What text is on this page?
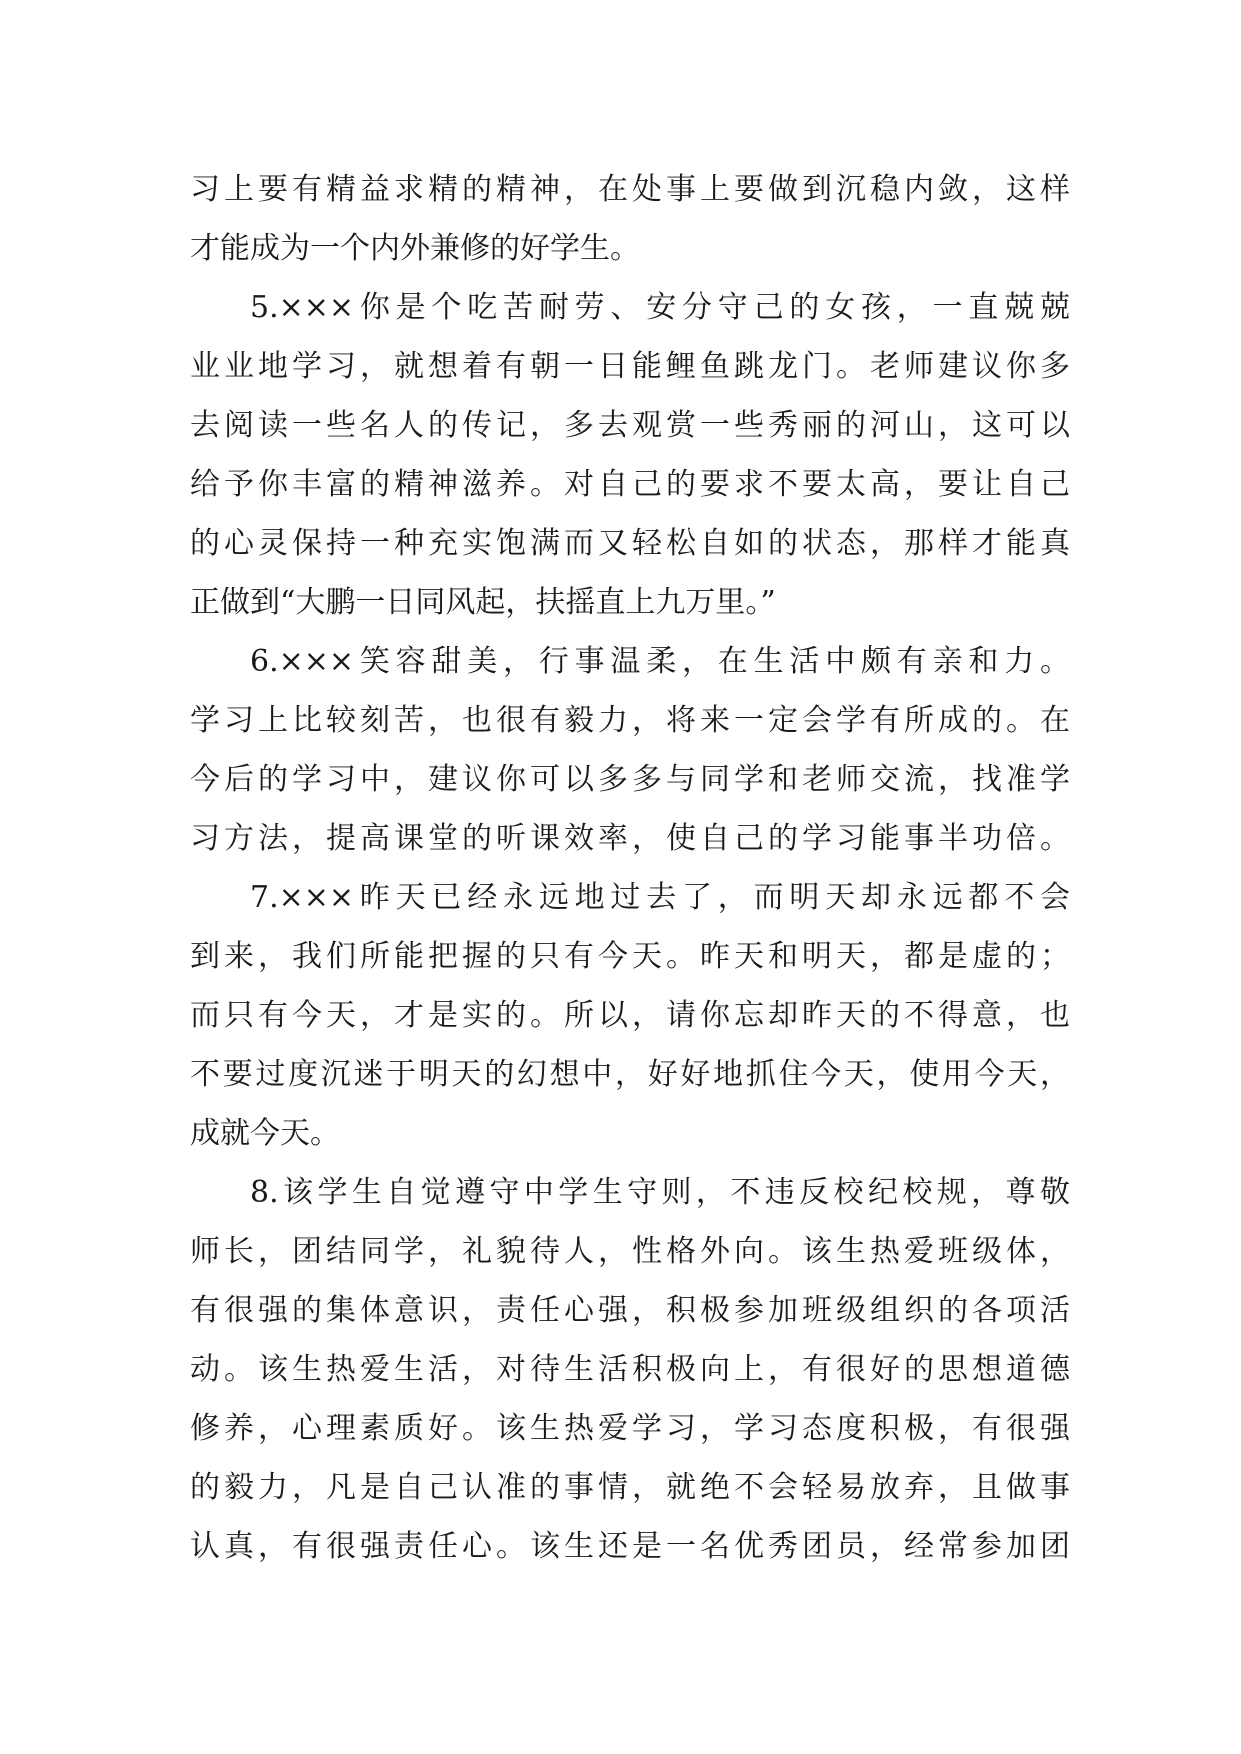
习上要有精益求精的精神，在处事上要做到沉稳内敛，这样
才能成为一个内外兼修的好学生。
5.×××你是个吃苦耐劳、安分守己的女孩，一直兢兢
业业地学习，就想着有朝一日能鲤鱼跳龙门。老师建议你多
去阅读一些名人的传记，多去观赏一些秀丽的河山，这可以
给予你丰富的精神滋养。对自己的要求不要太高，要让自己
的心灵保持一种充实饱满而又轻松自如的状态，那样才能真
正做到“大鹏一日同风起，扶摇直上九万里。”
6.×××笑容甜美，行事温柔，在生活中颇有亲和力。
学习上比较刻苦，也很有毅力，将来一定会学有所成的。在
今后的学习中，建议你可以多多与同学和老师交流，找准学
习方法，提高课堂的听课效率，使自己的学习能事半功倍。
7.×××昨天已经永远地过去了，而明天却永远都不会
到来，我们所能把握的只有今天。昨天和明天，都是虚的；
而只有今天，才是实的。所以，请你忘却昨天的不得意，也
不要过度沉迷于明天的幻想中，好好地抓住今天，使用今天，
成就今天。
8.该学生自觉遵守中学生守则，不违反校纪校规，尊敬
师长，团结同学，礼貌待人，性格外向。该生热爱班级体，
有很强的集体意识，责任心强，积极参加班级组织的各项活
动。该生热爱生活，对待生活积极向上，有很好的思想道德
修养，心理素质好。该生热爱学习，学习态度积极，有很强
的毅力，凡是自己认准的事情，就绝不会轻易放弃，且做事
认真，有很强责任心。该生还是一名优秀团员，经常参加团
